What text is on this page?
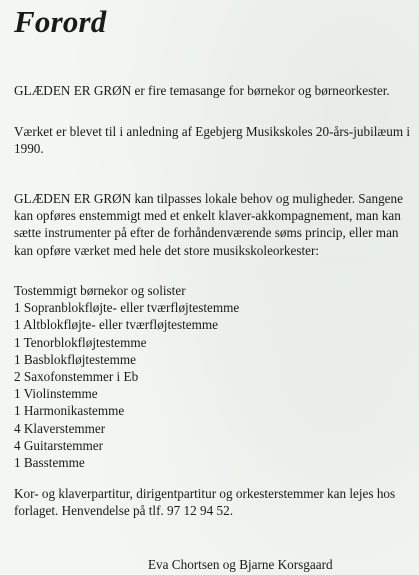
Forord

GLÆDEN ER GRØN er fire temasange for børnekor og børneorkester.

Værket er blevet til i anledning af Egebjerg Musikskoles 20-års-jubilæum i 1990.

GLÆDEN ER GRØN kan tilpasses lokale behov og muligheder. Sangene kan opføres enstemmigt med et enkelt klaver-akkompagnement, man kan sætte instrumenter på efter de forhåndenværende søms princip, eller man kan opføre værket med hele det store musikskoleorkester:

Tostemmigt børnekor og solister
1 Sopranblokfløjte- eller tværfløjtestemme
1 Altblokfløjte- eller tværfløjtestemme
1 Tenorblokfløjtestemme
1 Basblokfløjtestemme
2 Saxofonstemmer i Eb
1 Violinstemme
1 Harmonikastemme
4 Klaverstemmer
4 Guitarstemmer
1 Basstemme

Kor- og klaverpartitur, dirigentpartitur og orkesterstemmer kan lejes hos forlaget. Henvendelse på tlf. 97 12 94 52.

Eva Chortsen og Bjarne Korsgaard
